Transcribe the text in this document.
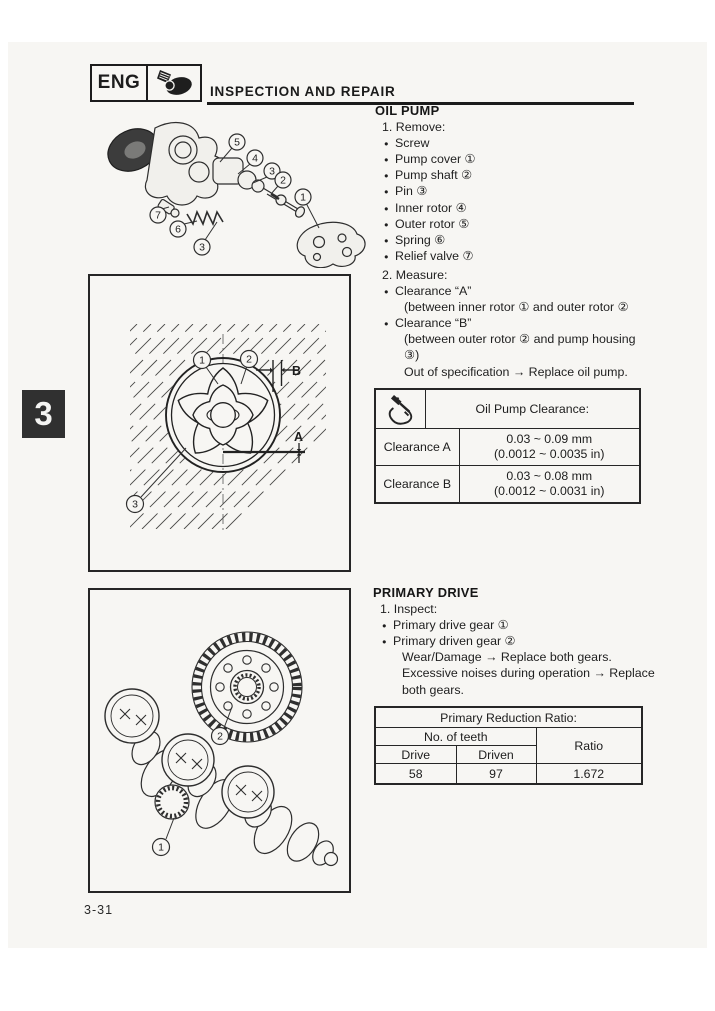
3
ENG	INSPECTION AND REPAIR
5
4
3
2
1
7
6
3
B
A
1	2
3
2
1
OIL PUMP
1. Remove:
● Screw
● Pump cover ①
● Pump shaft ②
● Pin ③
● Inner rotor ④
● Outer rotor ⑤
● Spring ⑥
● Relief valve ⑦
2. Measure:
● Clearance “A”
(between inner rotor ① and outer rotor ②
● Clearance “B”
(between outer rotor ② and pump housing ③)
Out of specification → Replace oil pump.
	Oil Pump Clearance:	
Clearance A		0.03 ~ 0.09 mm
(0.0012 ~ 0.0035 in)

Clearance B		0.03 ~ 0.08 mm
(0.0012 ~ 0.0031 in)
PRIMARY DRIVE
1. Inspect:
● Primary drive gear ①
● Primary driven gear ②
Wear/Damage → Replace both gears.
Excessive noises during operation → Replace both gears.
Primary Reduction Ratio:		
No. of teeth		Ratio
Drive	Driven	
58	97	1.672
3-31
